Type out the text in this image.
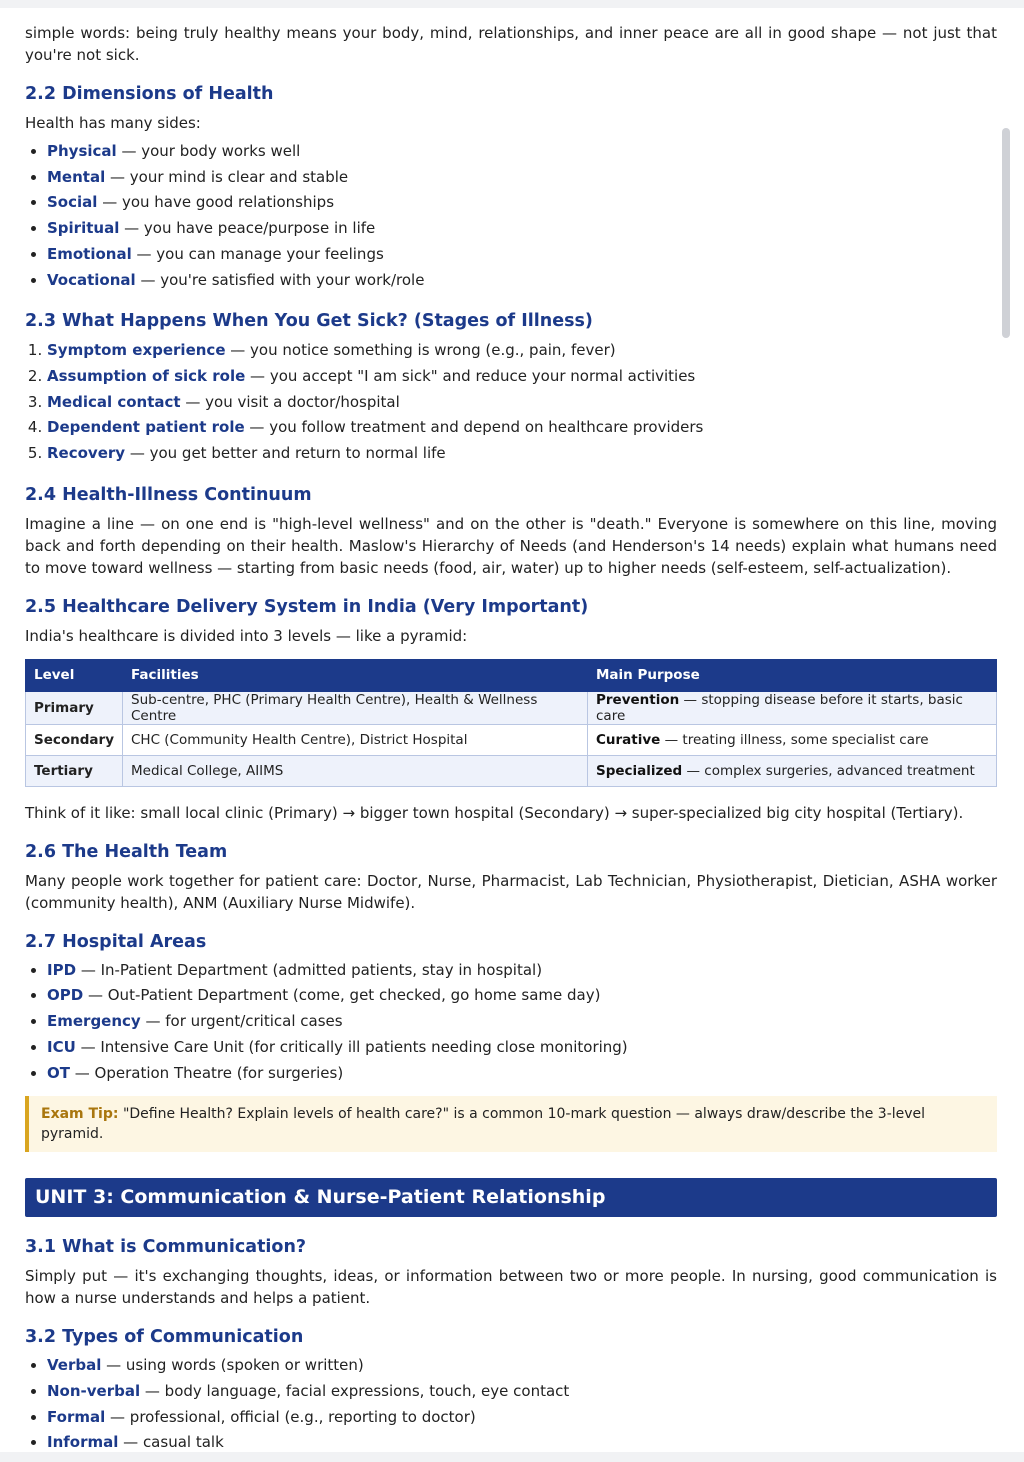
simple words: being truly healthy means your body, mind, relationships, and inner peace are all in good shape — not just that you're not sick.

2.2 Dimensions of Health

Health has many sides:

• Physical — your body works well
• Mental — your mind is clear and stable
• Social — you have good relationships
• Spiritual — you have peace/purpose in life
• Emotional — you can manage your feelings
• Vocational — you're satisfied with your work/role
2.3 What Happens When You Get Sick? (Stages of Illness)
1. Symptom experience — you notice something is wrong (e.g., pain, fever)
2. Assumption of sick role — you accept "I am sick" and reduce your normal activities
3. Medical contact — you visit a doctor/hospital
4. Dependent patient role — you follow treatment and depend on healthcare providers
5. Recovery — you get better and return to normal life
2.4 Health-Illness Continuum

Imagine a line — on one end is "high-level wellness" and on the other is "death." Everyone is somewhere on this line, moving back and forth depending on their health. Maslow's Hierarchy of Needs (and Henderson's 14 needs) explain what humans need to move toward wellness — starting from basic needs (food, air, water) up to higher needs (self-esteem, self-actualization).

2.5 Healthcare Delivery System in India (Very Important)

India's healthcare is divided into 3 levels — like a pyramid:

Level	Facilities	Main Purpose
Primary	Sub-centre, PHC (Primary Health Centre), Health & Wellness Centre	Prevention — stopping disease before it starts, basic care
Secondary	CHC (Community Health Centre), District Hospital	Curative — treating illness, some specialist care
Tertiary	Medical College, AIIMS	Specialized — complex surgeries, advanced treatment

Think of it like: small local clinic (Primary) → bigger town hospital (Secondary) → super-specialized big city hospital (Tertiary).

2.6 The Health Team

Many people work together for patient care: Doctor, Nurse, Pharmacist, Lab Technician, Physiotherapist, Dietician, ASHA worker (community health), ANM (Auxiliary Nurse Midwife).

2.7 Hospital Areas
• IPD — In-Patient Department (admitted patients, stay in hospital)
• OPD — Out-Patient Department (come, get checked, go home same day)
• Emergency — for urgent/critical cases
• ICU — Intensive Care Unit (for critically ill patients needing close monitoring)
• OT — Operation Theatre (for surgeries)
Exam Tip: "Define Health? Explain levels of health care?" is a common 10-mark question — always draw/describe the 3-level pyramid.
UNIT 3: Communication & Nurse-Patient Relationship
3.1 What is Communication?

Simply put — it's exchanging thoughts, ideas, or information between two or more people. In nursing, good communication is how a nurse understands and helps a patient.

3.2 Types of Communication
• Verbal — using words (spoken or written)
• Non-verbal — body language, facial expressions, touch, eye contact
• Formal — professional, official (e.g., reporting to doctor)
• Informal — casual talk
